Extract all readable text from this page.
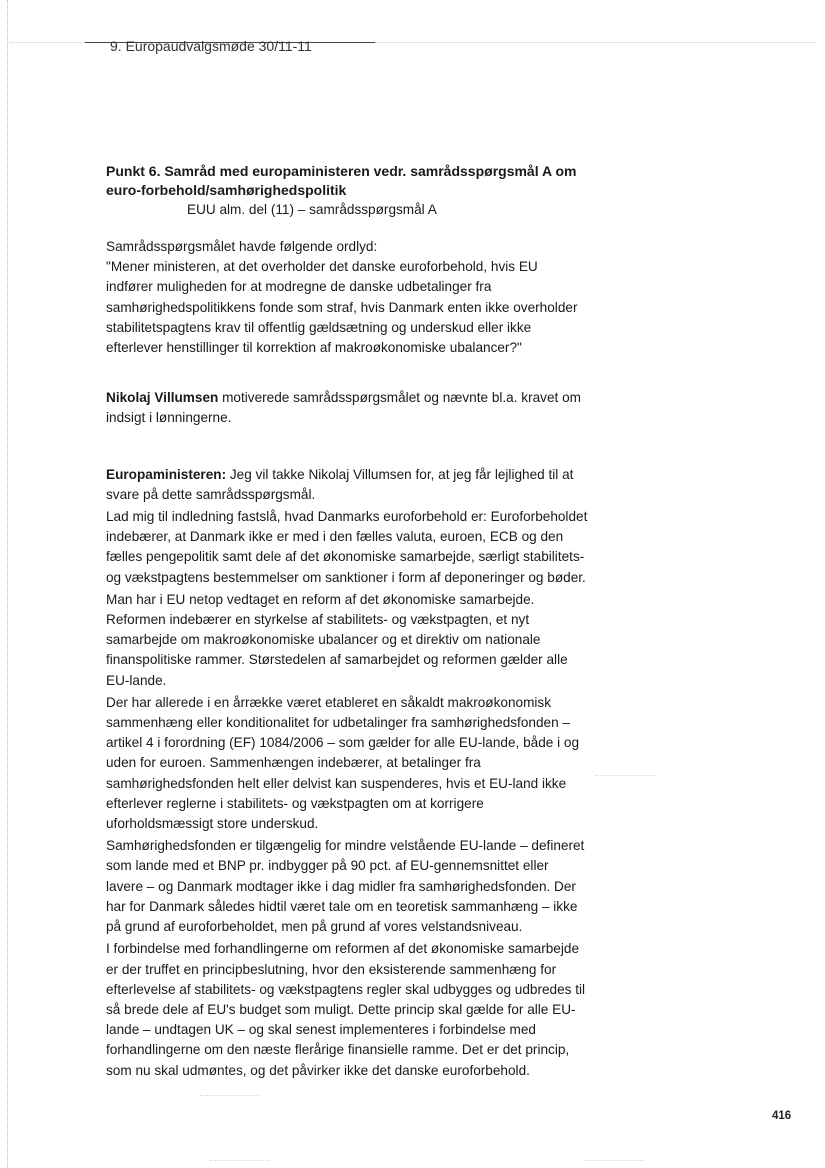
9. Europaudvalgsmøde 30/11-11

Punkt 6. Samråd med europaministeren vedr. samrådsspørgsmål A om euro-forbehold/samhørighedspolitik

EUU alm. del (11) – samrådsspørgsmål A

Samrådsspørgsmålet havde følgende ordlyd:

"Mener ministeren, at det overholder det danske euroforbehold, hvis EU indfører muligheden for at modregne de danske udbetalinger fra samhørighedspolitikkens fonde som straf, hvis Danmark enten ikke overholder stabilitetspagtens krav til offentlig gældsætning og underskud eller ikke efterlever henstillinger til korrektion af makroøkonomiske ubalancer?"

Nikolaj Villumsen motiverede samrådsspørgsmålet og nævnte bl.a. kravet om indsigt i lønningerne.

Europaministeren: Jeg vil takke Nikolaj Villumsen for, at jeg får lejlighed til at svare på dette samrådsspørgsmål.

Lad mig til indledning fastslå, hvad Danmarks euroforbehold er: Euroforbeholdet indebærer, at Danmark ikke er med i den fælles valuta, euroen, ECB og den fælles pengepolitik samt dele af det økonomiske samarbejde, særligt stabilitets- og vækstpagtens bestemmelser om sanktioner i form af deponeringer og bøder.

Man har i EU netop vedtaget en reform af det økonomiske samarbejde. Reformen indebærer en styrkelse af stabilitets- og vækstpagten, et nyt samarbejde om makroøkonomiske ubalancer og et direktiv om nationale finanspolitiske rammer. Størstedelen af samarbejdet og reformen gælder alle EU-lande.

Der har allerede i en årrække været etableret en såkaldt makroøkonomisk sammenhæng eller konditionalitet for udbetalinger fra samhørighedsfonden – artikel 4 i forordning (EF) 1084/2006 – som gælder for alle EU-lande, både i og uden for euroen. Sammenhængen indebærer, at betalinger fra samhørighedsfonden helt eller delvist kan suspenderes, hvis et EU-land ikke efterlever reglerne i stabilitets- og vækstpagten om at korrigere uforholdsmæssigt store underskud.

Samhørighedsfonden er tilgængelig for mindre velstående EU-lande – defineret som lande med et BNP pr. indbygger på 90 pct. af EU-gennemsnittet eller lavere – og Danmark modtager ikke i dag midler fra samhørighedsfonden. Der har for Danmark således hidtil været tale om en teoretisk sammanhæng – ikke på grund af euroforbeholdet, men på grund af vores velstandsniveau.

I forbindelse med forhandlingerne om reformen af det økonomiske samarbejde er der truffet en principbeslutning, hvor den eksisterende sammenhæng for efterlevelse af stabilitets- og vækstpagtens regler skal udbygges og udbredes til så brede dele af EU's budget som muligt. Dette princip skal gælde for alle EU-lande – undtagen UK – og skal senest implementeres i forbindelse med forhandlingerne om den næste flerårige finansielle ramme. Det er det princip, som nu skal udmøntes, og det påvirker ikke det danske euroforbehold.

416
